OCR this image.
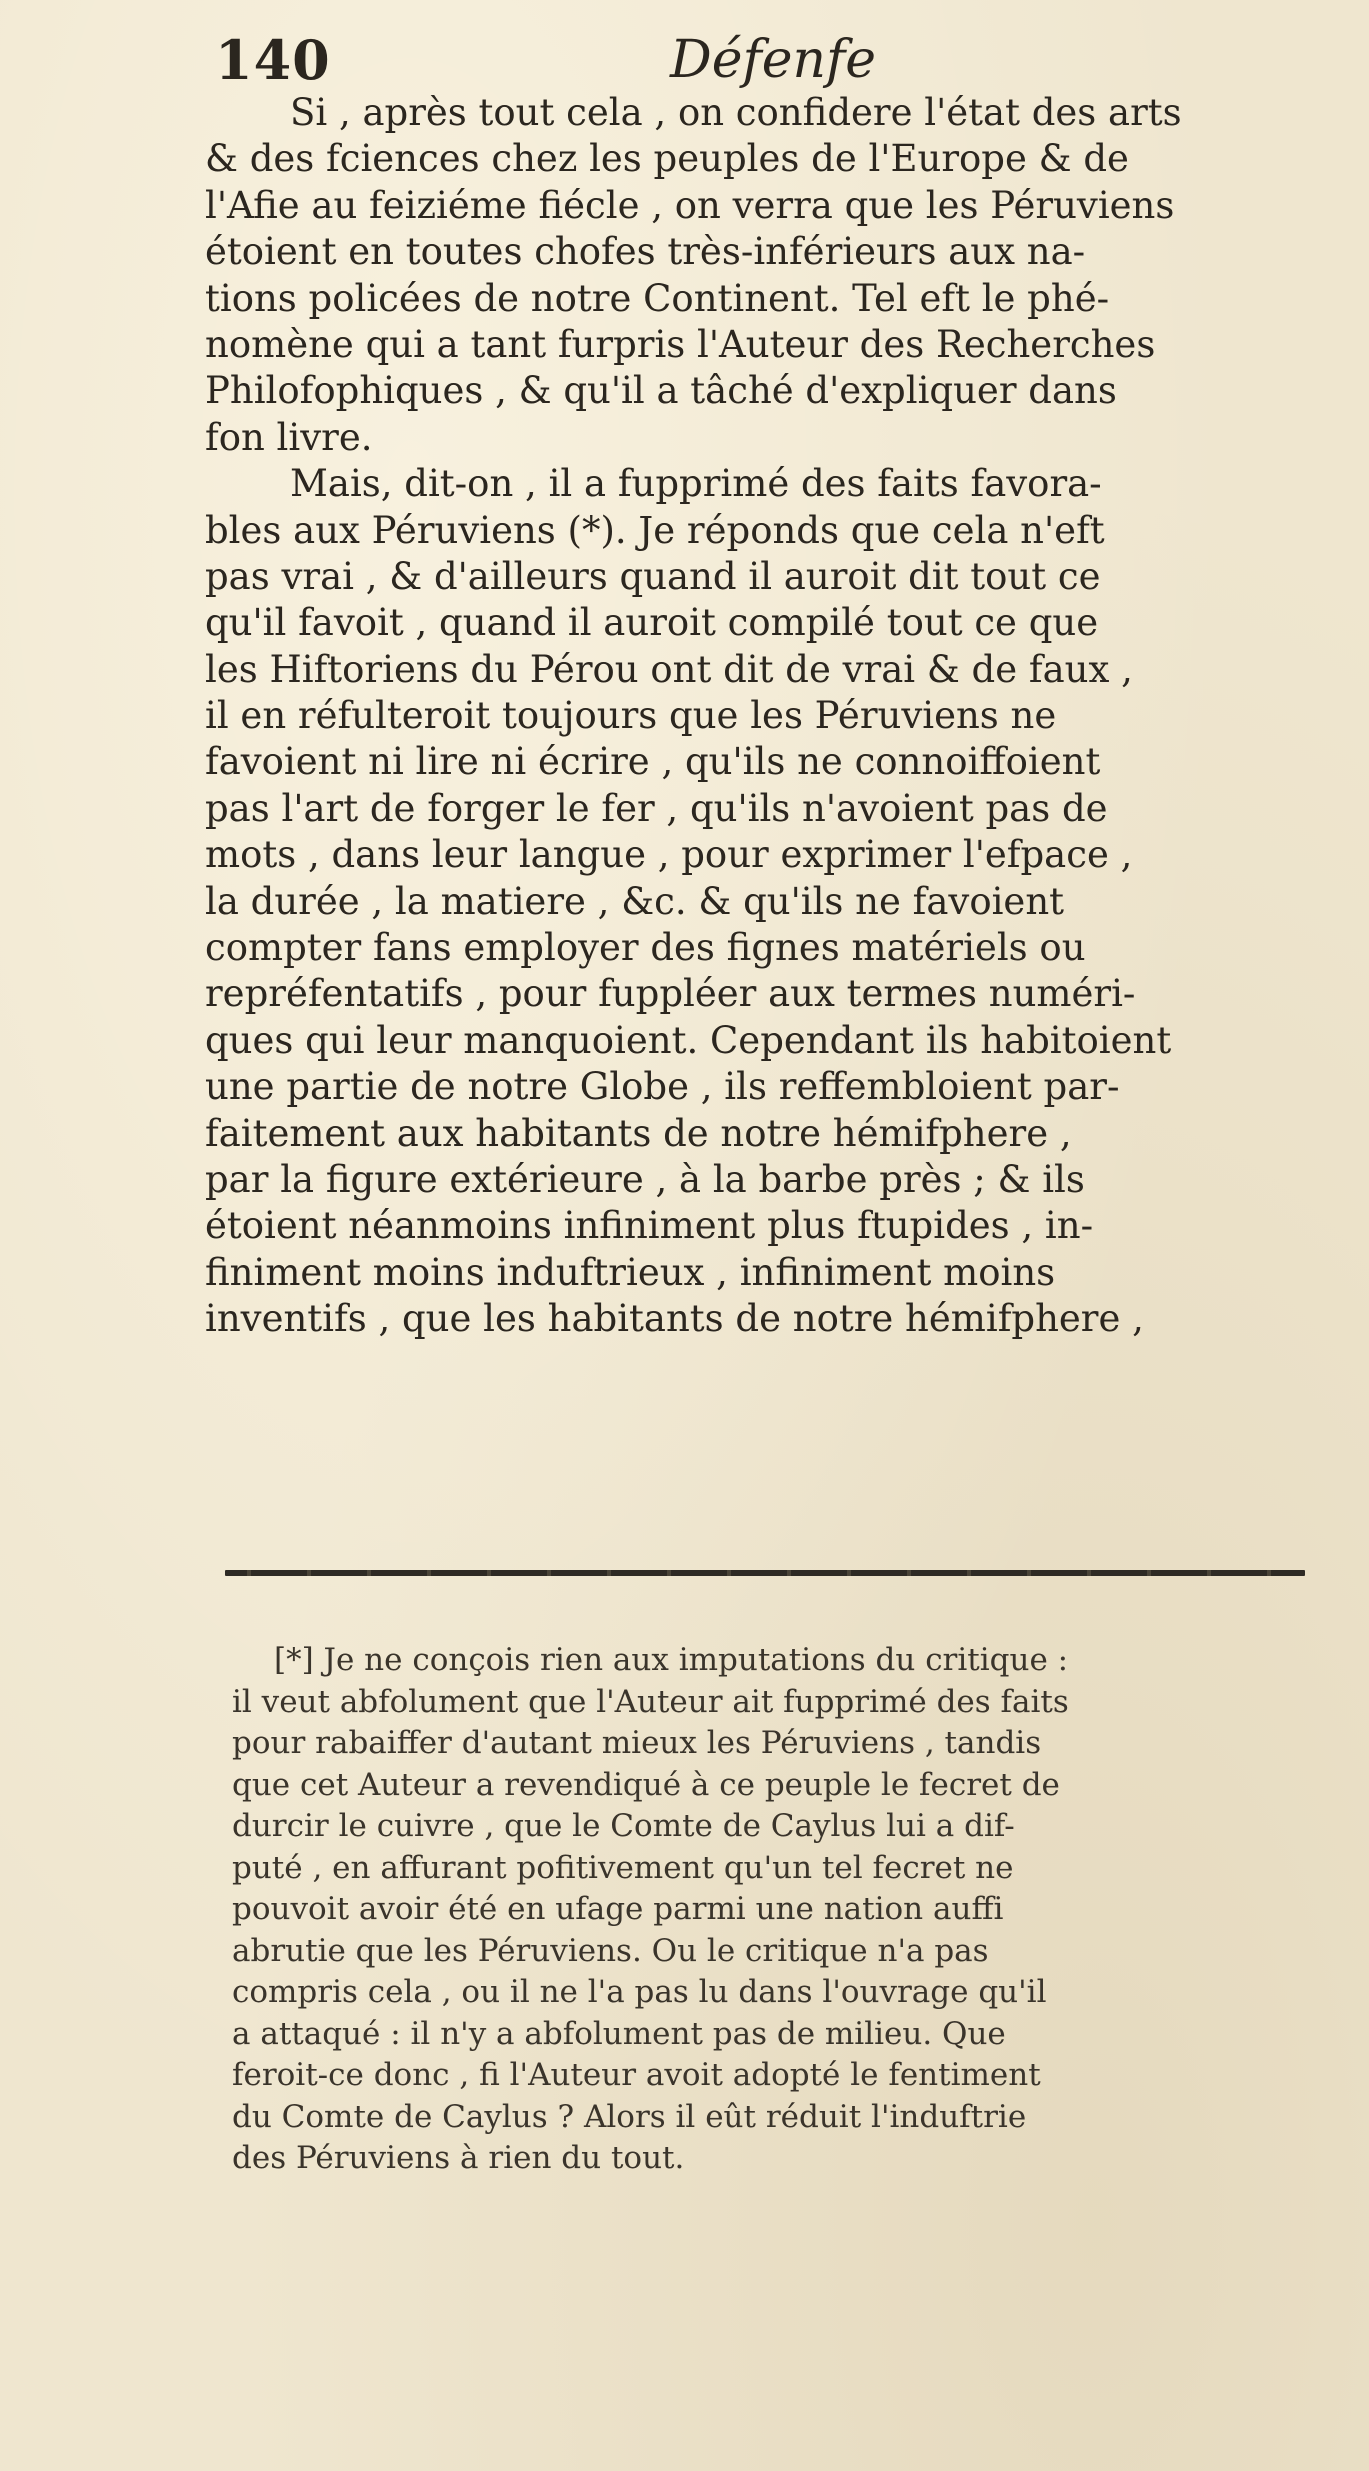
140	Défenfe
Si , après tout cela , on confidere l'état des arts
& des fciences chez les peuples de l'Europe & de
l'Afie au feiziéme fiécle , on verra que les Péruviens
étoient en toutes chofes très-inférieurs aux na-
tions policées de notre Continent. Tel eft le phé-
nomène qui a tant furpris l'Auteur des Recherches
Philofophiques , & qu'il a tâché d'expliquer dans
fon livre.
Mais, dit-on , il a fupprimé des faits favora-
bles aux Péruviens (*). Je réponds que cela n'eft
pas vrai , & d'ailleurs quand il auroit dit tout ce
qu'il favoit , quand il auroit compilé tout ce que
les Hiftoriens du Pérou ont dit de vrai & de faux ,
il en réfulteroit toujours que les Péruviens ne
favoient ni lire ni écrire , qu'ils ne connoiffoient
pas l'art de forger le fer , qu'ils n'avoient pas de
mots , dans leur langue , pour exprimer l'efpace ,
la durée , la matiere , &c. & qu'ils ne favoient
compter fans employer des fignes matériels ou
repréfentatifs , pour fuppléer aux termes numéri-
ques qui leur manquoient. Cependant ils habitoient
une partie de notre Globe , ils reffembloient par-
faitement aux habitants de notre hémifphere ,
par la figure extérieure , à la barbe près ; & ils
étoient néanmoins infiniment plus ftupides , in-
finiment moins induftrieux , infiniment moins
inventifs , que les habitants de notre hémifphere ,
[*] Je ne conçois rien aux imputations du critique :
il veut abfolument que l'Auteur ait fupprimé des faits
pour rabaiffer d'autant mieux les Péruviens , tandis
que cet Auteur a revendiqué à ce peuple le fecret de
durcir le cuivre , que le Comte de Caylus lui a dif-
puté , en affurant pofitivement qu'un tel fecret ne
pouvoit avoir été en ufage parmi une nation auffi
abrutie que les Péruviens. Ou le critique n'a pas
compris cela , ou il ne l'a pas lu dans l'ouvrage qu'il
a attaqué : il n'y a abfolument pas de milieu. Que
feroit-ce donc , fi l'Auteur avoit adopté le fentiment
du Comte de Caylus ? Alors il eût réduit l'induftrie
des Péruviens à rien du tout.
